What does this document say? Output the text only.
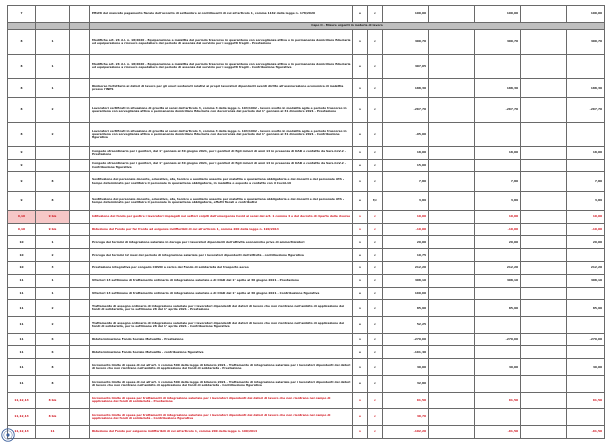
7			Effetti del mancato pagamento fiscale dell'acconto di settembre ai contribuenti di cui all'articolo 1, comma 1162 della legge n. 178/2020	e	c	100,00		100,00		100,00

			Capo II - Misure urgenti in materia di lavoro							

8	1		Modifiche art. 26 d.l. n. 18/2020 - Equiparazione a malattia del periodo trascorso in quarantena con sorveglianza attiva o in permanenza domiciliare fiduciaria ed equiparazione a ricovero ospedaliero del periodo di assenza dal servizio per i soggetti fragili - Prestazione	s	c	400,70		400,70		400,70

8	1		Modifiche art. 26 d.l. n. 18/2020 - Equiparazione a malattia del periodo trascorso in quarantena con sorveglianza attiva o in permanenza domiciliare fiduciaria ed equiparazione a ricovero ospedaliero del periodo di assenza dal servizio per i soggetti fragili - Contribuzione figurativa	e	c	407,05				

8	1		Rimborso forfettario ai datori di lavoro per gli oneri sostenuti relativi ai propri lavoratori dipendenti aventi diritto all'assicurazione economica di malattia presso l'INPS	s	c	188,30		188,30		188,30

8	2		Lavoratori certificati in situazione di gravità ai sensi dell'articolo 3, comma 3 della legge n. 104/1992 - lavoro svolto in modalità agile e periodo trascorso in quarantena con sorveglianza attiva o permanenza domiciliare fiduciaria con decorrenza dal periodo dal 1° gennaio al 31 dicembre 2021 - Prestazione	s	c	-267,70		-267,70		-267,70

8	2		Lavoratori certificati in situazione di gravità ai sensi dell'articolo 3, comma 3 della legge n. 104/1992 - lavoro svolto in modalità agile e periodo trascorso in quarantena con sorveglianza attiva o permanenza domiciliare fiduciaria con decorrenza dal periodo dal 1° gennaio al 31 dicembre 2021 - Contribuzione figurativa	e	c	-95,00				

9			Congedo straordinario per i genitori, dal 1° gennaio al 30 giugno 2021, per i genitori di figli minori di anni 14 in presenza di DAD o contatto da Sars-CoV-2 - Prestazione	s	c	18,00		18,00		18,00

9			Congedo straordinario per i genitori, dal 1° gennaio al 30 giugno 2021, per i genitori di figli minori di anni 14 in presenza di DAD o contatto da Sars-CoV-2 - Contribuzione figurativa	e	c	15,00				

9	8		Sostituzione del personale docente, educativo, ata, tecnico e ausiliario assente per malattia o quarantena obbligatoria e dei docenti e del personale ATA - tempo determinato per sostituire il personale in quarantena obbligatoria, in malattia o esposto a contatto con il Covid-19	s	c	7,80		7,80		7,80

9	8		Sostituzione del personale docente, educativo, ata, tecnico e ausiliario assente per malattia o quarantena obbligatoria e dei docenti e del personale ATA - tempo determinato per sostituire il personale in quarantena obbligatoria, effetti fiscali e contributivi	e	f/c	3,89		3,89		3,89

9,10	9 bis		Istituzione del fondo per gestire i lavoratori impiegati nei settori colpiti dall'emergenza Covid ai sensi del art. 1 comma 4 e del decreto di riparto delle risorse	s	c	10,00		10,00		10,00

9,10	9 bis		Riduzione del Fondo per far fronte ad esigenze indifferibili di cui all'articolo 1, comma 200 della legge n. 190/2014	s	c	-10,00		-10,00		-10,00

10	1		Proroga dei termini di integrazione salariale in deroga per i lavoratori dipendenti dell'attività economiche prive di ammortizzatori	s	c	29,00		29,00		29,00

10	2		Proroga dei termini 12 mesi del periodo di integrazione salariale per i lavoratori dipendenti dell'attività - contribuzione figurativa	e	c	10,75				

10	3		Prestazione integrativa per congedo COVID a carico del Fondo di solidarietà del trasporto aereo	s	c	212,20		212,20		212,20

11	1		Ulteriori 13 settimane di trattamento ordinario di integrazione salariale e di CIGD dal 1° aprile al 30 giugno 2021 - Prestazione	s	c	408,10		408,10		408,10

11	1		Ulteriori 13 settimane di trattamento ordinario di integrazione salariale e di CIGD dal 1° aprile al 30 giugno 2021 - Contribuzione figurativa	e	c	160,60				

11	2		Trattamento di assegno ordinario di integrazione salariale per i lavoratori dipendenti dei datori di lavoro che non rientrano nell'ambito di applicazione dei fondi di solidarietà, per le settimane 28 dal 1° aprile 2021 - Prestazione	s	c	85,90		85,90		85,90

11	2		Trattamento di assegno ordinario di integrazione salariale per i lavoratori dipendenti dei datori di lavoro che non rientrano nell'ambito di applicazione dei fondi di solidarietà, per le settimane 28 dal 1° aprile 2021 - Contribuzione figurativa	e	c	52,25				

11	6		Rideterminazione Fondo Sociale Mutualità - Prestazione	s	c	-279,60		-279,60		-279,60

11	6		Rideterminazione Fondo Sociale Mutualità - contribuzione figurativa	e	c	-161,40				

11	8		Incremento limite di spesa di cui all'art. 1 comma 500 della legge di bilancio 2021 - Trattamento di integrazione salariale per i lavoratori dipendenti dei datori di lavoro che non rientrano nell'ambito di applicazione dei fondi di solidarietà - Prestazione	s	c	49,00		49,00		49,00

11	8		Incremento limite di spesa di cui all'art. 1 comma 500 della legge di bilancio 2021 - Trattamento di integrazione salariale per i lavoratori dipendenti dei datori di lavoro che non rientrano nell'ambito di applicazione dei fondi di solidarietà - Contribuzione figurativa	e	c	32,80				

11,12,13	8 bis		Incremento limite di spesa per trattamenti di integrazione salariale per i lavoratori dipendenti dei datori di lavoro che non rientrano nel campo di applicazione dei fondi di solidarietà - Prestazione	s	c	61,50		61,50		61,50

11,12,13	8 bis		Incremento limite di spesa per trattamenti di integrazione salariale per i lavoratori dipendenti dei datori di lavoro che non rientrano nel campo di applicazione dei fondi di solidarietà - Contribuzione figurativa	e	c	40,70				

11,12,13	11		Riduzione del Fondo per esigenze indifferibili di cui all'articolo 1, comma 200 della legge n. 190/2014	s	c	-102,20		-61,50		-61,50
